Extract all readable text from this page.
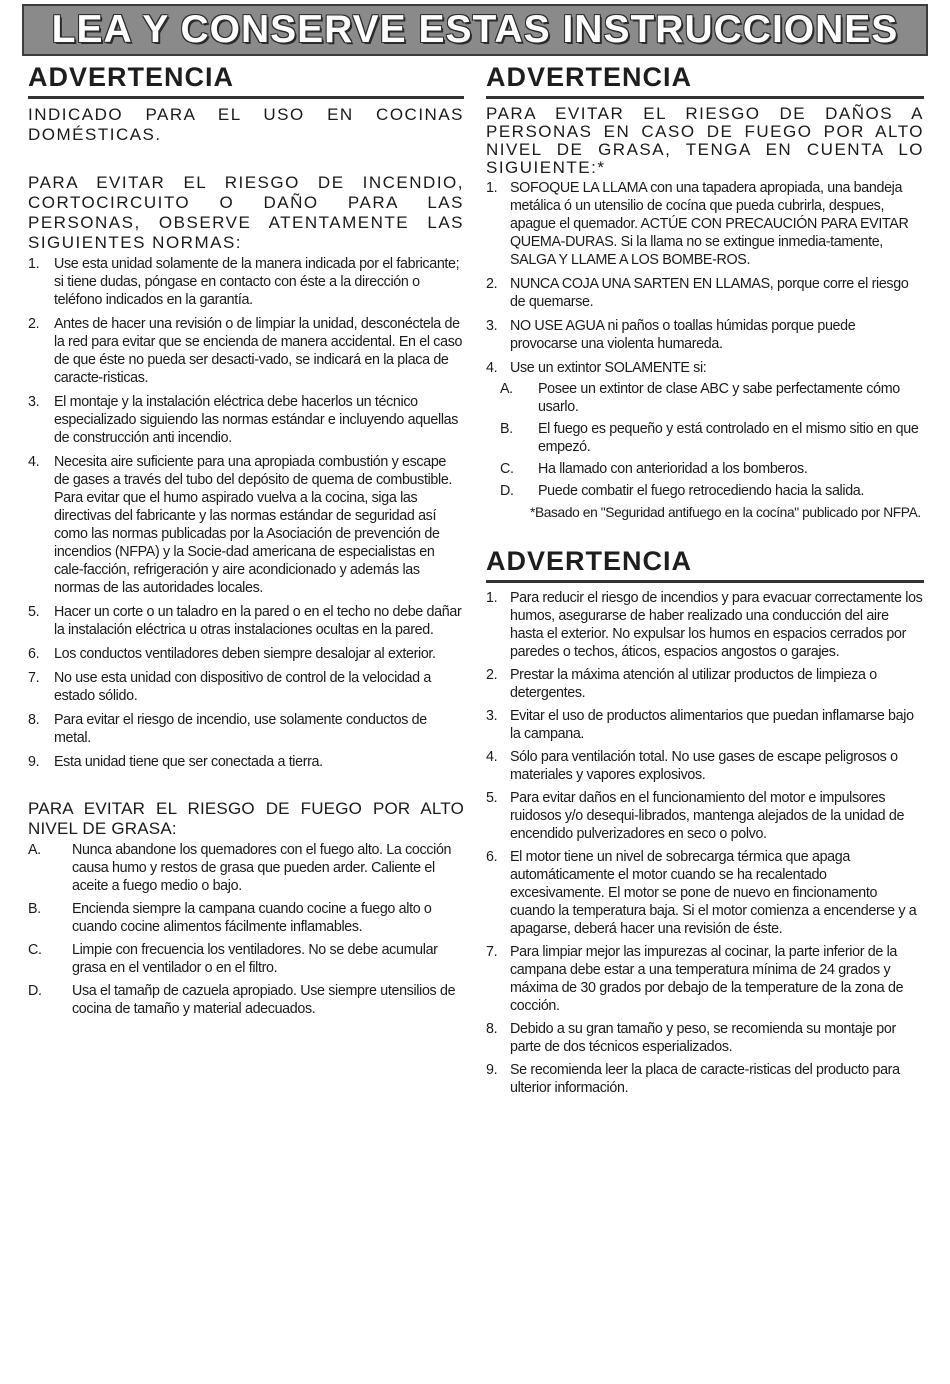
LEA Y CONSERVE ESTAS INSTRUCCIONES
ADVERTENCIA

INDICADO PARA EL USO EN COCINAS DOMÉSTICAS.

PARA EVITAR EL RIESGO DE INCENDIO, CORTOCIRCUITO O DAÑO PARA LAS PERSONAS, OBSERVE ATENTAMENTE LAS SIGUIENTES NORMAS:

1.	Use esta unidad solamente de la manera indicada por el fabricante; si tiene dudas, póngase en contacto con éste a la dirección o teléfono indicados en la garantía.
2.	Antes de hacer una revisión o de limpiar la unidad, desconéctela de la red para evitar que se encienda de manera accidental. En el caso de que éste no pueda ser desacti-vado, se indicará en la placa de caracte-risticas.
3.	El montaje y la instalación eléctrica debe hacerlos un técnico especializado siguiendo las normas estándar e incluyendo aquellas de construcción anti incendio.
4.	Necesita aire suficiente para una apropiada combustión y escape de gases a través del tubo del depósito de quema de combustible. Para evitar que el humo aspirado vuelva a la cocina, siga las directivas del fabricante y las normas estándar de seguridad así como las normas publicadas por la Asociación de prevención de incendios (NFPA) y la Socie-dad americana de especialistas en cale-facción, refrigeración y aire acondicionado y además las normas de las autoridades locales.
5.	Hacer un corte o un taladro en la pared o en el techo no debe dañar la instalación eléctrica u otras instalaciones ocultas en la pared.
6.	Los conductos ventiladores deben siempre desalojar al exterior.
7.	No use esta unidad con dispositivo de control de la velocidad a estado sólido.
8.	Para evitar el riesgo de incendio, use solamente conductos de metal.
9.	Esta unidad tiene que ser conectada a tierra.

PARA EVITAR EL RIESGO DE FUEGO POR ALTO NIVEL DE GRASA:

A.	Nunca abandone los quemadores con el fuego alto. La cocción causa humo y restos de grasa que pueden arder. Caliente el aceite a fuego medio o bajo.
B.	Encienda siempre la campana cuando cocine a fuego alto o cuando cocine alimentos fácilmente inflamables.
C.	Limpie con frecuencia los ventiladores. No se debe acumular grasa en el ventilador o en el filtro.
D.	Usa el tamañp de cazuela apropiado. Use siempre utensilios de cocina de tamaño y material adecuados.
ADVERTENCIA

PARA EVITAR EL RIESGO DE DAÑOS A PERSONAS EN CASO DE FUEGO POR ALTO NIVEL DE GRASA, TENGA EN CUENTA LO SIGUIENTE:*

1. SOFOQUE LA LLAMA con una tapadera apropiada, una bandeja metálica ó un utensilio de cocína que pueda cubrirla, despues, apague el quemador. ACTÚE CON PRECAUCIÓN PARA EVITAR QUEMA-DURAS. Si la llama no se extingue inmedia-tamente, SALGA Y LLAME A LOS BOMBE-ROS.
2. NUNCA COJA UNA SARTEN EN LLAMAS, porque corre el riesgo de quemarse.
3. NO USE AGUA ni paños o toallas húmidas porque puede provocarse una violenta humareda.
4. Use un extintor SOLAMENTE si:
A.	Posee un extintor de clase ABC y sabe perfectamente cómo usarlo.
B.	El fuego es pequeño y está controlado en el mismo sitio en que empezó.
C.	Ha llamado con anterioridad a los bomberos.
D.	Puede combatir el fuego retrocediendo hacia la salida.

*Basado en "Seguridad antifuego en la cocína" publicado por NFPA.

ADVERTENCIA
1. Para reducir el riesgo de incendios y para evacuar correctamente los humos, asegurarse de haber realizado una conducción del aire hasta el exterior. No expulsar los humos en espacios cerrados por paredes o techos, áticos, espacios angostos o garajes.
2. Prestar la máxima atención al utilizar productos de limpieza o detergentes.
3. Evitar el uso de productos alimentarios que puedan inflamarse bajo la campana.
4. Sólo para ventilación total. No use gases de escape peligrosos o materiales y vapores explosivos.
5. Para evitar daños en el funcionamiento del motor e impulsores ruidosos y/o desequi-librados, mantenga alejados de la unidad de encendido pulverizadores en seco o polvo.
6. El motor tiene un nivel de sobrecarga térmica que apaga automáticamente el motor cuando se ha recalentado excesivamente. El motor se pone de nuevo en fincionamento cuando la temperatura baja. Si el motor comienza a encenderse y a apagarse, deberá hacer una revisión de éste.
7. Para limpiar mejor las impurezas al cocinar, la parte inferior de la campana debe estar a una temperatura mínima de 24 grados y máxima de 30 grados por debajo de la temperature de la zona de cocción.
8. Debido a su gran tamaño y peso, se recomienda su montaje por parte de dos técnicos esperializados.
9. Se recomienda leer la placa de caracte-risticas del producto para ulterior información.
